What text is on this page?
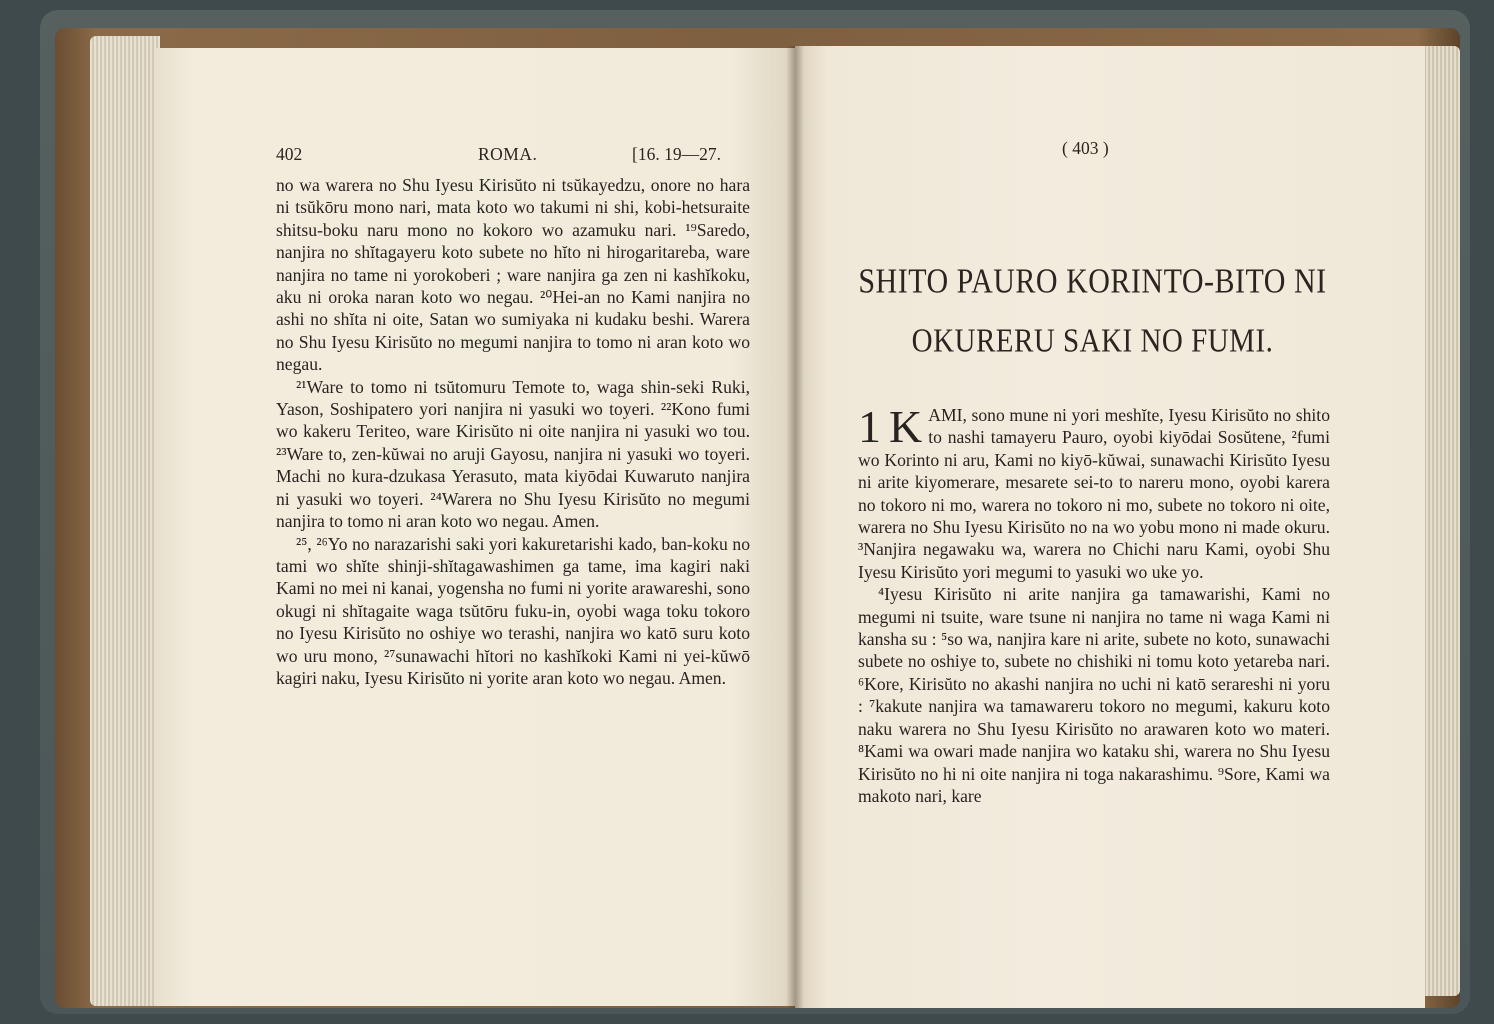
402	ROMA.	[16. 19—27.

no wa warera no Shu Iyesu Kirisŭto ni tsŭkayedzu, onore no hara ni tsŭkōru mono nari, mata koto wo takumi ni shi, kobi-hetsuraite shitsu-boku naru mono no kokoro wo azamuku nari. ¹⁹Saredo, nanjira no shĭtagayeru koto subete no hĭto ni hirogaritareba, ware nanjira no tame ni yorokoberi ; ware nanjira ga zen ni kashĭkoku, aku ni oroka naran koto wo negau. ²⁰Hei-an no Kami nanjira no ashi no shĭta ni oite, Satan wo sumiyaka ni kudaku beshi. Warera no Shu Iyesu Kirisŭto no megumi nanjira to tomo ni aran koto wo negau.

²¹Ware to tomo ni tsŭtomuru Temote to, waga shin-seki Ruki, Yason, Soshipatero yori nanjira ni yasuki wo toyeri. ²²Kono fumi wo kakeru Teriteo, ware Kirisŭto ni oite nanjira ni yasuki wo tou. ²³Ware to, zen-kŭwai no aruji Gayosu, nanjira ni yasuki wo toyeri. Machi no kura-dzukasa Yerasuto, mata kiyōdai Kuwaruto nanjira ni yasuki wo toyeri. ²⁴Warera no Shu Iyesu Kirisŭto no megumi nanjira to tomo ni aran koto wo negau. Amen.

²⁵, ²⁶Yo no narazarishi saki yori kakuretarishi kado, ban-koku no tami wo shĭte shinji-shĭtagawashimen ga tame, ima kagiri naki Kami no mei ni kanai, yogensha no fumi ni yorite arawareshi, sono okugi ni shĭtagaite waga tsŭtōru fuku-in, oyobi waga toku tokoro no Iyesu Kirisŭto no oshiye wo terashi, nanjira wo katō suru koto wo uru mono, ²⁷sunawachi hĭtori no kashĭkoki Kami ni yei-kŭwō kagiri naku, Iyesu Kirisŭto ni yorite aran koto wo negau. Amen.

( 403 )
SHITO PAURO KORINTO-BITO NI
OKURERU SAKI NO FUMI.
1 K AMI, sono mune ni yori meshĭte, Iyesu Kirisŭto no shito to nashi tamayeru Pauro, oyobi kiyōdai Sosŭtene, ²fumi wo Korinto ni aru, Kami no kiyō-kŭwai, sunawachi Kirisŭto Iyesu ni arite kiyomerare, mesarete sei-to to nareru mono, oyobi karera no tokoro ni mo, warera no tokoro ni mo, subete no tokoro ni oite, warera no Shu Iyesu Kirisŭto no na wo yobu mono ni made okuru. ³Nanjira negawaku wa, warera no Chichi naru Kami, oyobi Shu Iyesu Kirisŭto yori megumi to yasuki wo uke yo.

⁴Iyesu Kirisŭto ni arite nanjira ga tamawarishi, Kami no megumi ni tsuite, ware tsune ni nanjira no tame ni waga Kami ni kansha su : ⁵so wa, nanjira kare ni arite, subete no koto, sunawachi subete no oshiye to, subete no chishiki ni tomu koto yetareba nari. ⁶Kore, Kirisŭto no akashi nanjira no uchi ni katō serareshi ni yoru : ⁷kakute nanjira wa tamawareru tokoro no megumi, kakuru koto naku warera no Shu Iyesu Kirisŭto no arawaren koto wo materi. ⁸Kami wa owari made nanjira wo kataku shi, warera no Shu Iyesu Kirisŭto no hi ni oite nanjira ni toga nakarashimu. ⁹Sore, Kami wa makoto nari, kare
